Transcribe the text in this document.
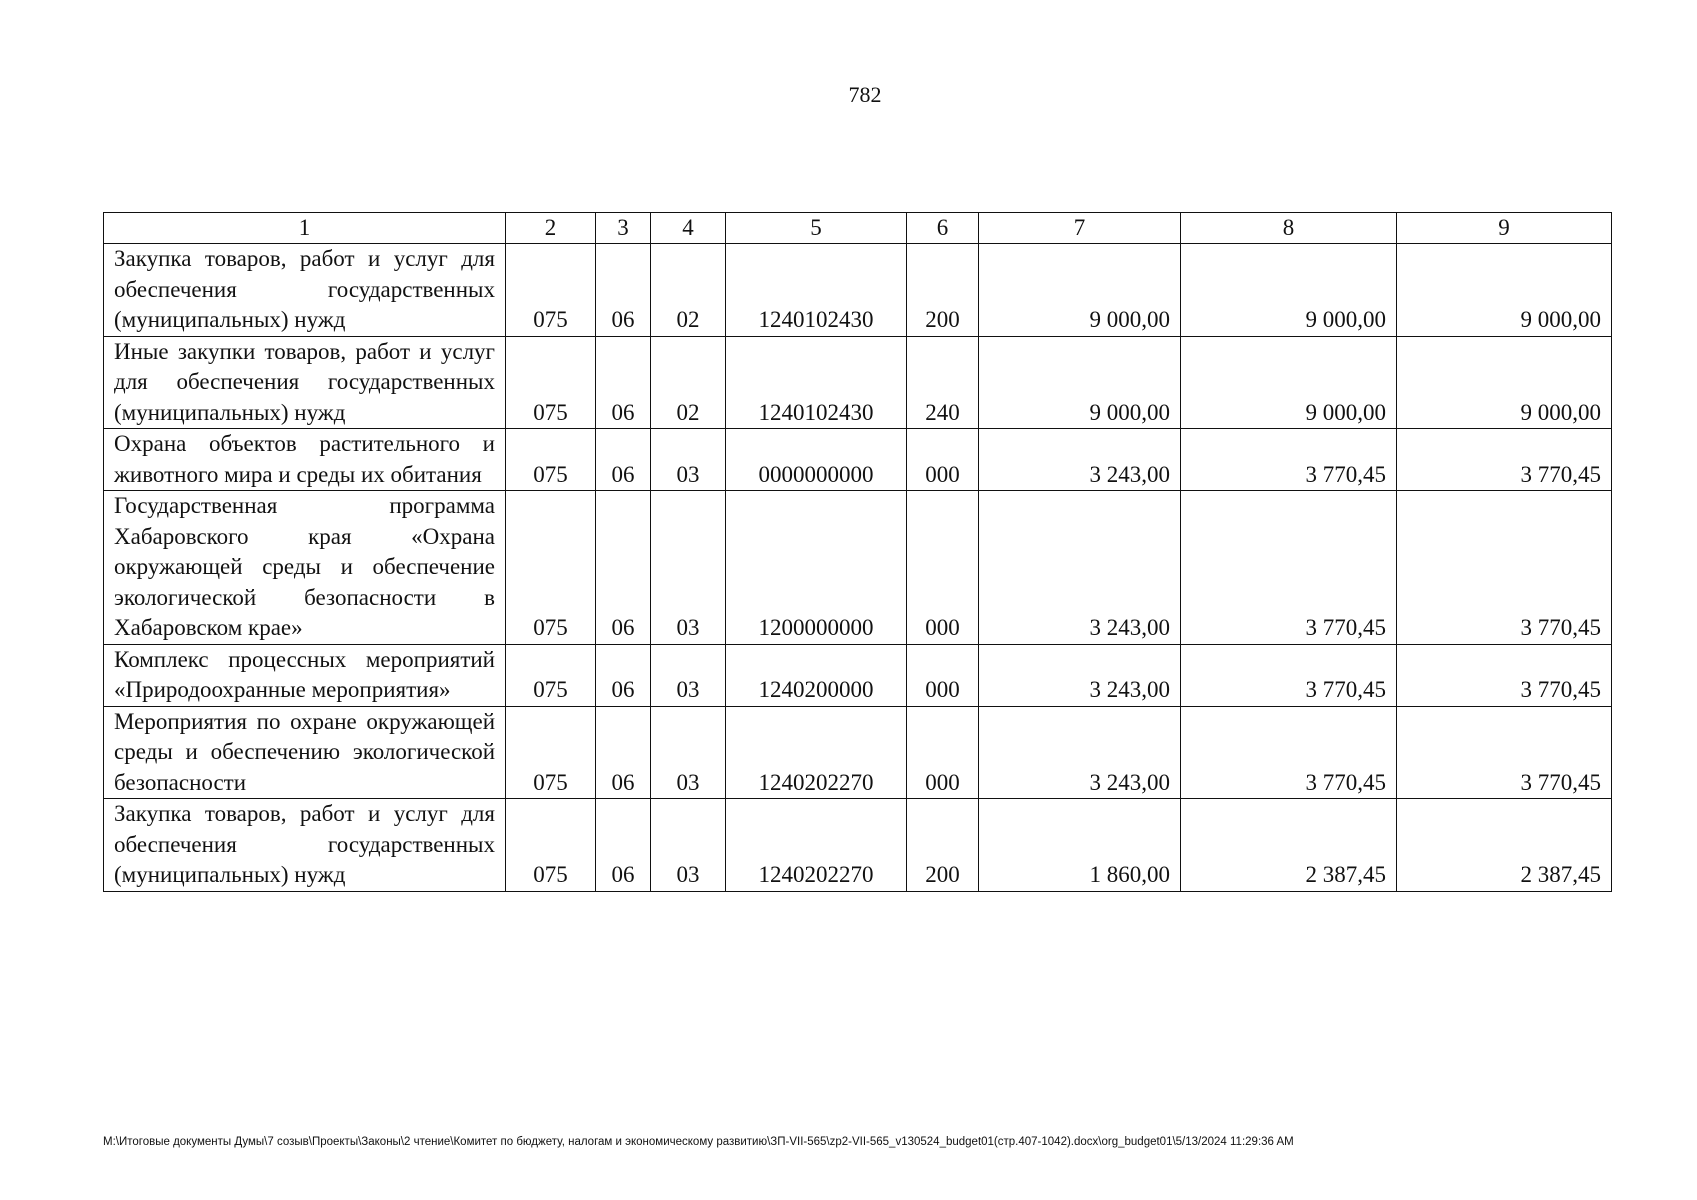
782
1	2	3	4	5	6	7	8	9
Закупка товаров, работ и услуг для обеспечения государственных (муниципальных) нужд	075	06	02	1240102430	200	9 000,00	9 000,00	9 000,00
Иные закупки товаров, работ и услуг для обеспечения государственных (муниципальных) нужд	075	06	02	1240102430	240	9 000,00	9 000,00	9 000,00
Охрана объектов растительного и животного мира и среды их обитания	075	06	03	0000000000	000	3 243,00	3 770,45	3 770,45
Государственная программа Хабаровского края «Охрана окружающей среды и обеспечение экологической безопасности в Хабаровском крае»	075	06	03	1200000000	000	3 243,00	3 770,45	3 770,45
Комплекс процессных мероприятий «Природоохранные мероприятия»	075	06	03	1240200000	000	3 243,00	3 770,45	3 770,45
Мероприятия по охране окружающей среды и обеспечению экологической безопасности	075	06	03	1240202270	000	3 243,00	3 770,45	3 770,45
Закупка товаров, работ и услуг для обеспечения государственных (муниципальных) нужд	075	06	03	1240202270	200	1 860,00	2 387,45	2 387,45
M:\Итоговые документы Думы\7 созыв\Проекты\Законы\2 чтение\Комитет по бюджету, налогам и экономическому развитию\ЗП-VII-565\zp2-VII-565_v130524_budget01(стр.407-1042).docx\org_budget01\5/13/2024 11:29:36 AM
